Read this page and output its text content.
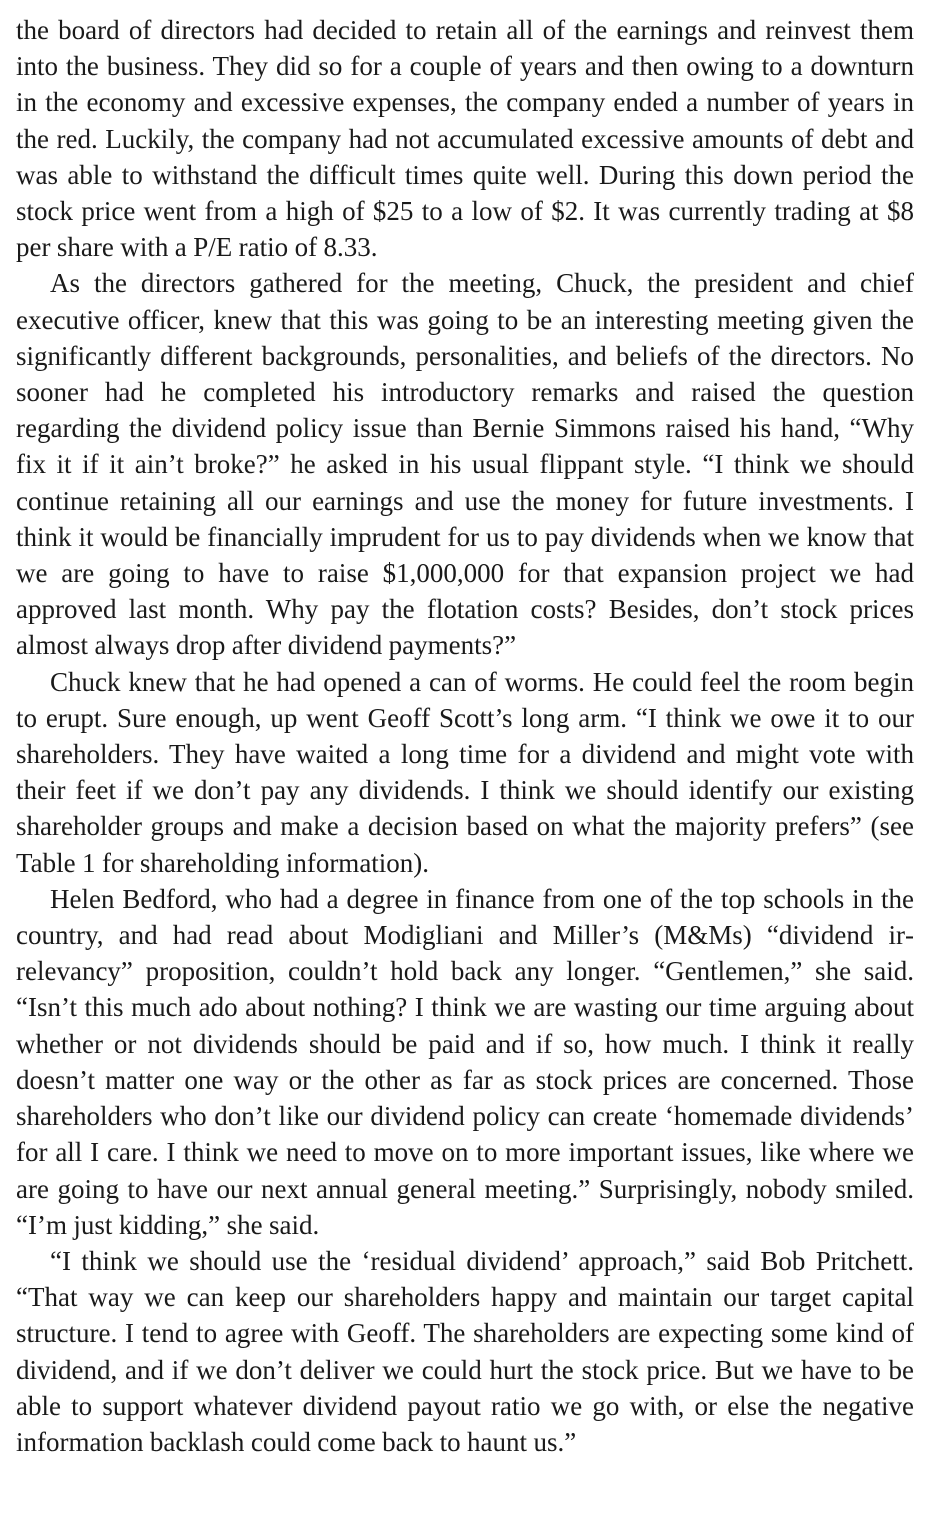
the board of directors had decided to retain all of the earnings and reinvest them into the business. They did so for a couple of years and then owing to a downturn in the economy and excessive expenses, the company ended a number of years in the red. Luckily, the company had not accumulated excessive amounts of debt and was able to withstand the difficult times quite well. During this down period the stock price went from a high of $25 to a low of $2. It was currently trading at $8 per share with a P/E ratio of 8.33.

As the directors gathered for the meeting, Chuck, the president and chief executive officer, knew that this was going to be an interesting meeting given the significantly different backgrounds, personalities, and beliefs of the directors. No sooner had he completed his introductory remarks and raised the question regarding the dividend policy issue than Bernie Simmons raised his hand, “Why fix it if it ain’t broke?” he asked in his usual flippant style. “I think we should continue retaining all our earnings and use the money for future investments. I think it would be financially imprudent for us to pay dividends when we know that we are going to have to raise $1,000,000 for that expansion project we had approved last month. Why pay the flotation costs? Besides, don’t stock prices almost always drop after dividend payments?”

Chuck knew that he had opened a can of worms. He could feel the room begin to erupt. Sure enough, up went Geoff Scott’s long arm. “I think we owe it to our shareholders. They have waited a long time for a dividend and might vote with their feet if we don’t pay any dividends. I think we should identify our existing shareholder groups and make a decision based on what the majority prefers” (see Table 1 for shareholding information).

Helen Bedford, who had a degree in finance from one of the top schools in the country, and had read about Modigliani and Miller’s (M&Ms) “dividend irrelevancy” proposition, couldn’t hold back any longer. “Gentlemen,” she said. “Isn’t this much ado about nothing? I think we are wasting our time arguing about whether or not dividends should be paid and if so, how much. I think it really doesn’t matter one way or the other as far as stock prices are concerned. Those shareholders who don’t like our dividend policy can create ‘homemade dividends’ for all I care. I think we need to move on to more important issues, like where we are going to have our next annual general meeting.” Surprisingly, nobody smiled. “I’m just kidding,” she said.

“I think we should use the ‘residual dividend’ approach,” said Bob Pritchett. “That way we can keep our shareholders happy and maintain our target capital structure. I tend to agree with Geoff. The shareholders are expecting some kind of dividend, and if we don’t deliver we could hurt the stock price. But we have to be able to support whatever dividend payout ratio we go with, or else the negative information backlash could come back to haunt us.”
